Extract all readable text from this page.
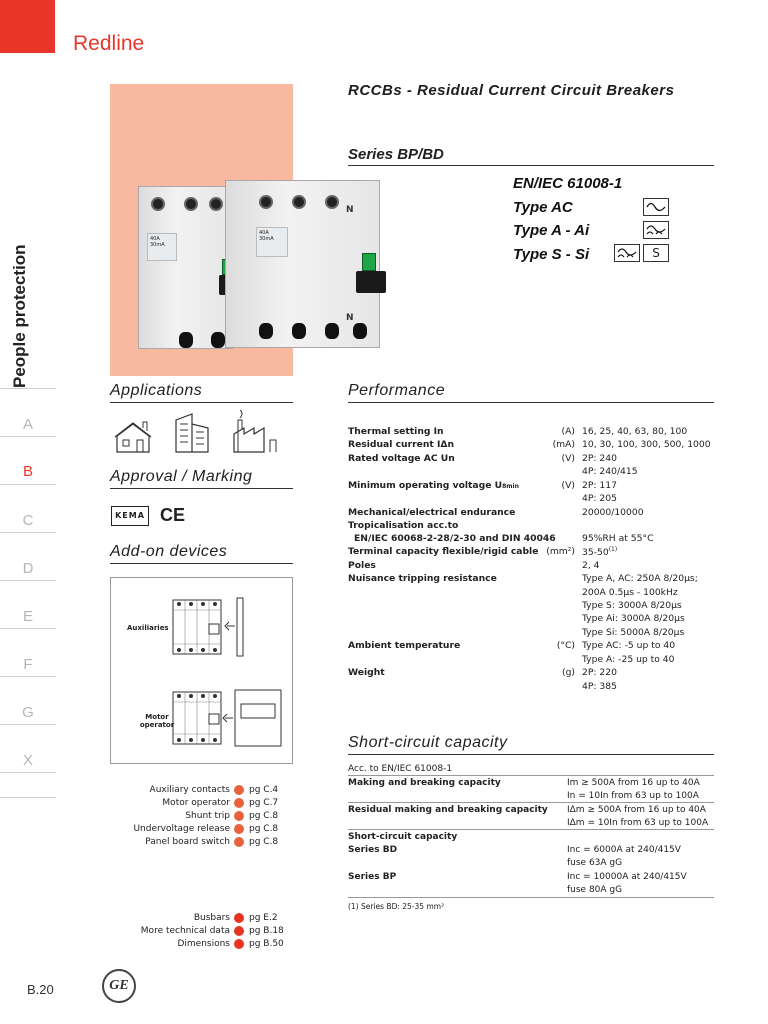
Redline
People protection
A
B
C
D
E
F
G
X
40A 30mA
N
40A 30mA
N
RCCBs - Residual Current Circuit Breakers
Series BP/BD
EN/IEC 61008-1
Type AC
Type A - Ai
Type S - Si	S
Applications
Approval / Marking
KEMA CE
Add-on devices
Auxiliaries
Motor operator
Auxiliary contacts pg C.4
Motor operator pg C.7
Shunt trip pg C.8
Undervoltage release pg C.8
Panel board switch pg C.8
Busbars pg E.2
More technical data pg B.18
Dimensions pg B.50
Performance
Thermal setting In	(A) 16, 25, 40, 63, 80, 100
Residual current IΔn	(mA) 10, 30, 100, 300, 500, 1000
Rated voltage AC Un	(V) 2P: 240
4P: 240/415
Minimum operating voltage U8min	(V) 2P: 117
4P: 205
Mechanical/electrical endurance	20000/10000
Tropicalisation acc.to
EN/IEC 60068-2-28/2-30 and DIN 40046	95%RH at 55°C
Terminal capacity flexible/rigid cable (mm²) 35-50$^{(1)}$
Poles	2, 4
Nuisance tripping resistance	Type A, AC: 250A 8/20μs;
200A 0.5μs - 100kHz
Type S: 3000A 8/20μs
Type Ai: 3000A 8/20μs
Type Si: 5000A 8/20μs
Ambient temperature	(°C) Type AC: -5 up to 40
Type A: -25 up to 40
Weight	(g) 2P: 220
4P: 385
Short-circuit capacity
Acc. to EN/IEC 61008-1
Making and breaking capacity	Im ≥ 500A from 16 up to 40A
In = 10In from 63 up to 100A
Residual making and breaking capacity IΔm ≥ 500A from 16 up to 40A
IΔm = 10In from 63 up to 100A
Short-circuit capacity
Series BD	Inc = 6000A at 240/415V
fuse 63A gG
Series BP	Inc = 10000A at 240/415V
fuse 80A gG
(1) Series BD: 25-35 mm²
B.20	GE
